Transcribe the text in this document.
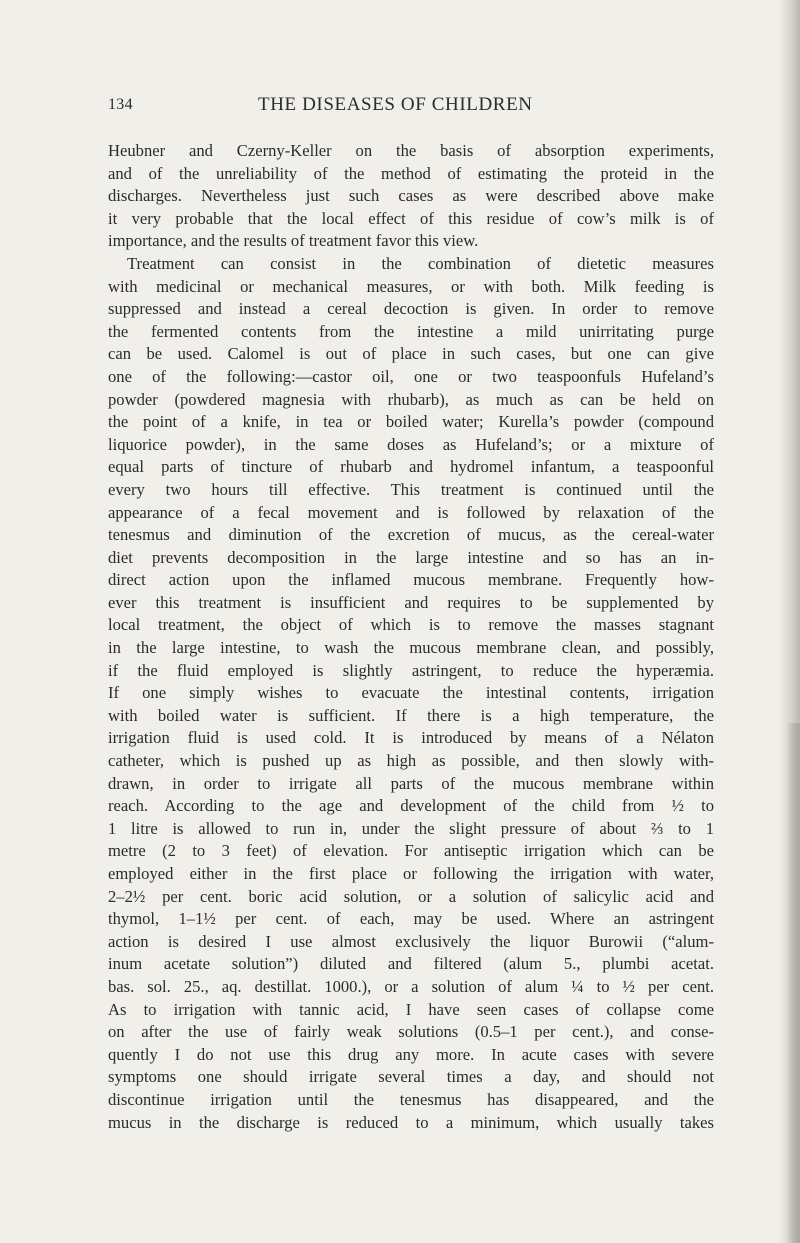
134	THE DISEASES OF CHILDREN
Heubner and Czerny-Keller on the basis of absorption experiments,
and of the unreliability of the method of estimating the proteid in the
discharges. Nevertheless just such cases as were described above make
it very probable that the local effect of this residue of cow’s milk is of
importance, and the results of treatment favor this view.
Treatment can consist in the combination of dietetic measures
with medicinal or mechanical measures, or with both. Milk feeding is
suppressed and instead a cereal decoction is given. In order to remove
the fermented contents from the intestine a mild unirritating purge
can be used. Calomel is out of place in such cases, but one can give
one of the following:—castor oil, one or two teaspoonfuls Hufeland’s
powder (powdered magnesia with rhubarb), as much as can be held on
the point of a knife, in tea or boiled water; Kurella’s powder (compound
liquorice powder), in the same doses as Hufeland’s; or a mixture of
equal parts of tincture of rhubarb and hydromel infantum, a teaspoonful
every two hours till effective. This treatment is continued until the
appearance of a fecal movement and is followed by relaxation of the
tenesmus and diminution of the excretion of mucus, as the cereal-water
diet prevents decomposition in the large intestine and so has an in-
direct action upon the inflamed mucous membrane. Frequently how-
ever this treatment is insufficient and requires to be supplemented by
local treatment, the object of which is to remove the masses stagnant
in the large intestine, to wash the mucous membrane clean, and possibly,
if the fluid employed is slightly astringent, to reduce the hyperæmia.
If one simply wishes to evacuate the intestinal contents, irrigation
with boiled water is sufficient. If there is a high temperature, the
irrigation fluid is used cold. It is introduced by means of a Nélaton
catheter, which is pushed up as high as possible, and then slowly with-
drawn, in order to irrigate all parts of the mucous membrane within
reach. According to the age and development of the child from ½ to
1 litre is allowed to run in, under the slight pressure of about ⅔ to 1
metre (2 to 3 feet) of elevation. For antiseptic irrigation which can be
employed either in the first place or following the irrigation with water,
2–2½ per cent. boric acid solution, or a solution of salicylic acid and
thymol, 1–1½ per cent. of each, may be used. Where an astringent
action is desired I use almost exclusively the liquor Burowii (“alum-
inum acetate solution”) diluted and filtered (alum 5., plumbi acetat.
bas. sol. 25., aq. destillat. 1000.), or a solution of alum ¼ to ½ per cent.
As to irrigation with tannic acid, I have seen cases of collapse come
on after the use of fairly weak solutions (0.5–1 per cent.), and conse-
quently I do not use this drug any more. In acute cases with severe
symptoms one should irrigate several times a day, and should not
discontinue irrigation until the tenesmus has disappeared, and the
mucus in the discharge is reduced to a minimum, which usually takes
